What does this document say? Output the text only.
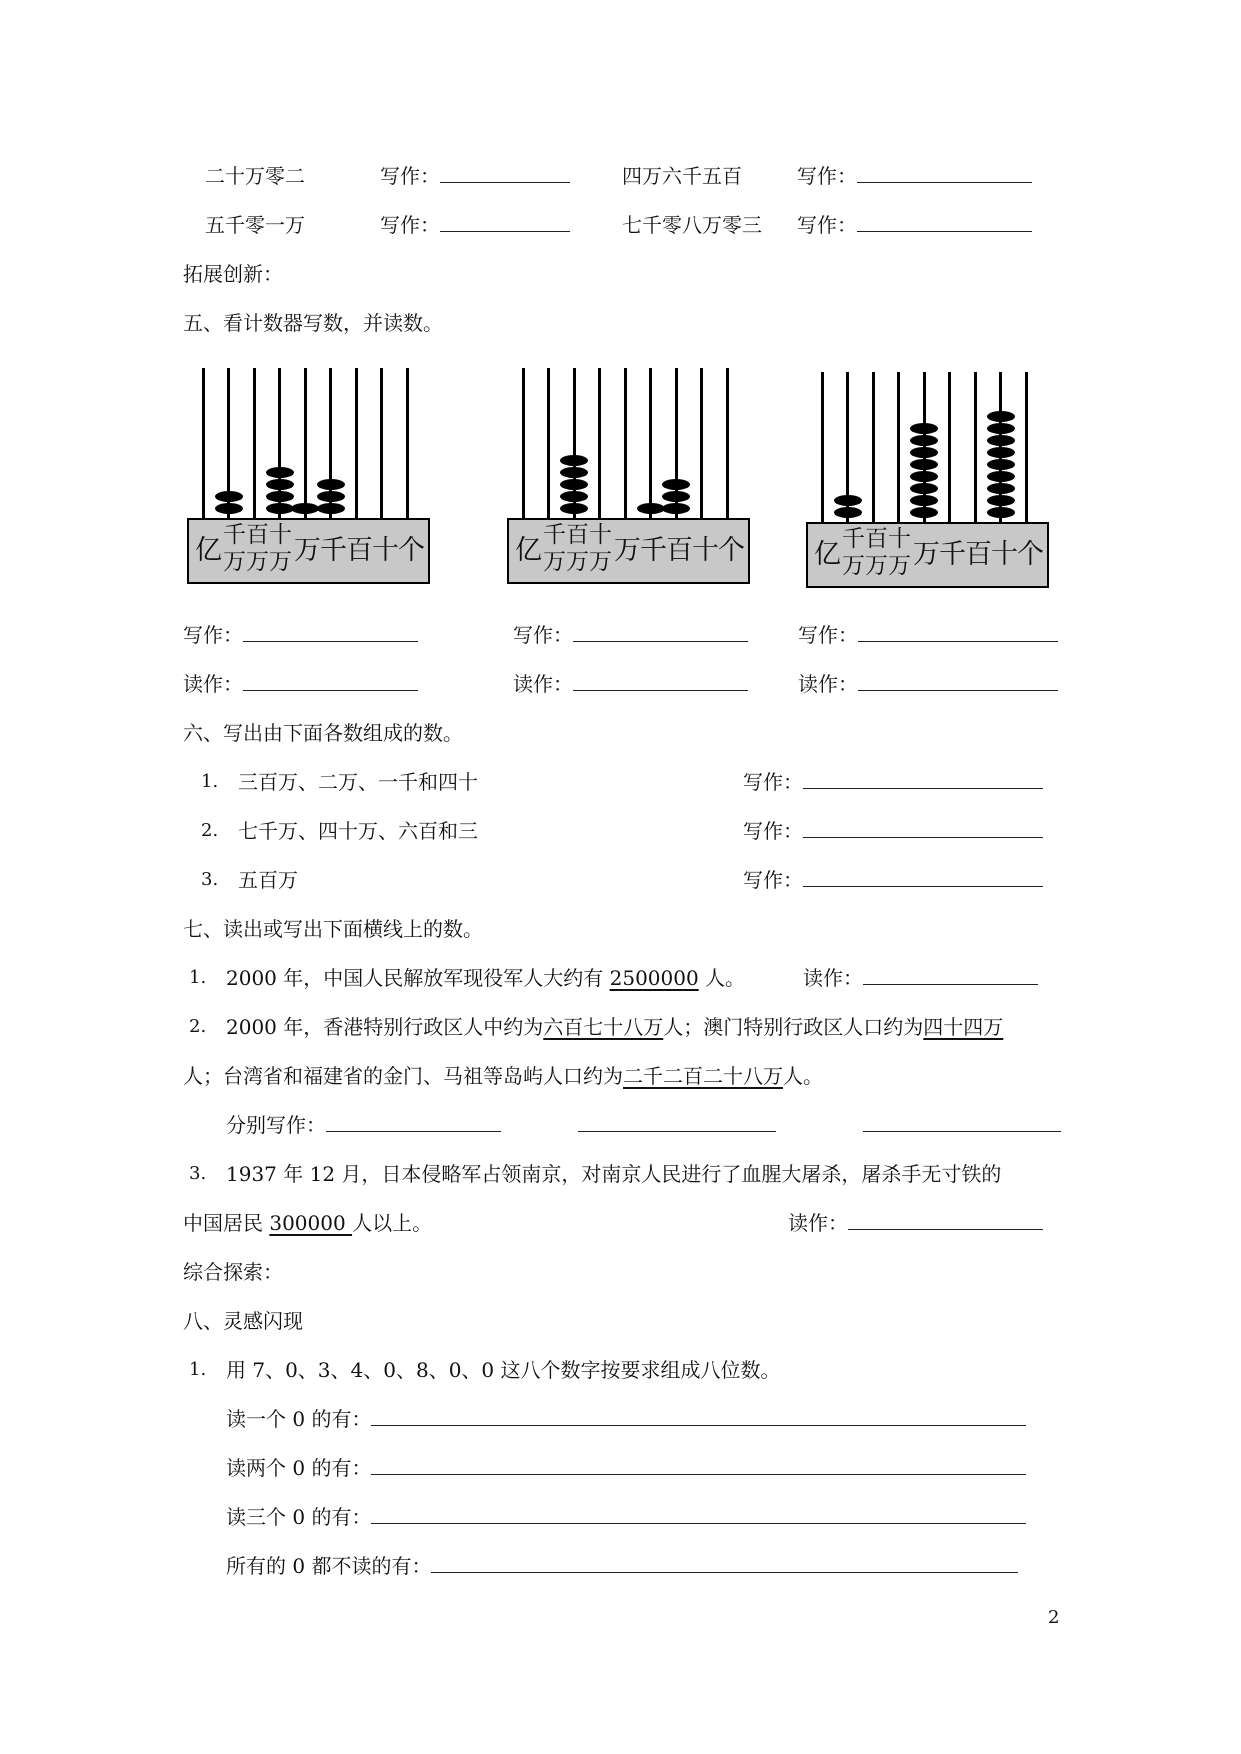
二十万零二	写作：	四万六千五百	写作：
五千零一万	写作：	七千零八万零三 写作：
拓展创新：
五、看计数器写数，并读数。
亿 千 百 十
万 万 万 万 千 百 十 个	亿 千 百 十
万 万 万 万 千 百 十 个	亿 千 百 十
万 万 万 万 千 百 十 个
写作：	写作：	写作：
读作：	读作：	读作：
六、写出由下面各数组成的数。
1. 三百万、二万、一千和四十	写作：
2. 七千万、四十万、六百和三	写作：
3. 五百万	写作：
七、读出或写出下面横线上的数。
1. 2000 年，中国人民解放军现役军人大约有 2500000 人。	读作：
2. 2000 年，香港特别行政区人中约为六百七十八万人；澳门特别行政区人口约为四十四万
人；台湾省和福建省的金门、马祖等岛屿人口约为二千二百二十八万人。
分别写作：
3. 1937 年 12 月，日本侵略军占领南京，对南京人民进行了血腥大屠杀，屠杀手无寸铁的
中国居民 300000 人以上。	读作：
综合探索：
八、灵感闪现
1. 用 7、0、3、4、0、8、0、0 这八个数字按要求组成八位数。
读一个 0 的有：
读两个 0 的有：
读三个 0 的有：
所有的 0 都不读的有：
2
